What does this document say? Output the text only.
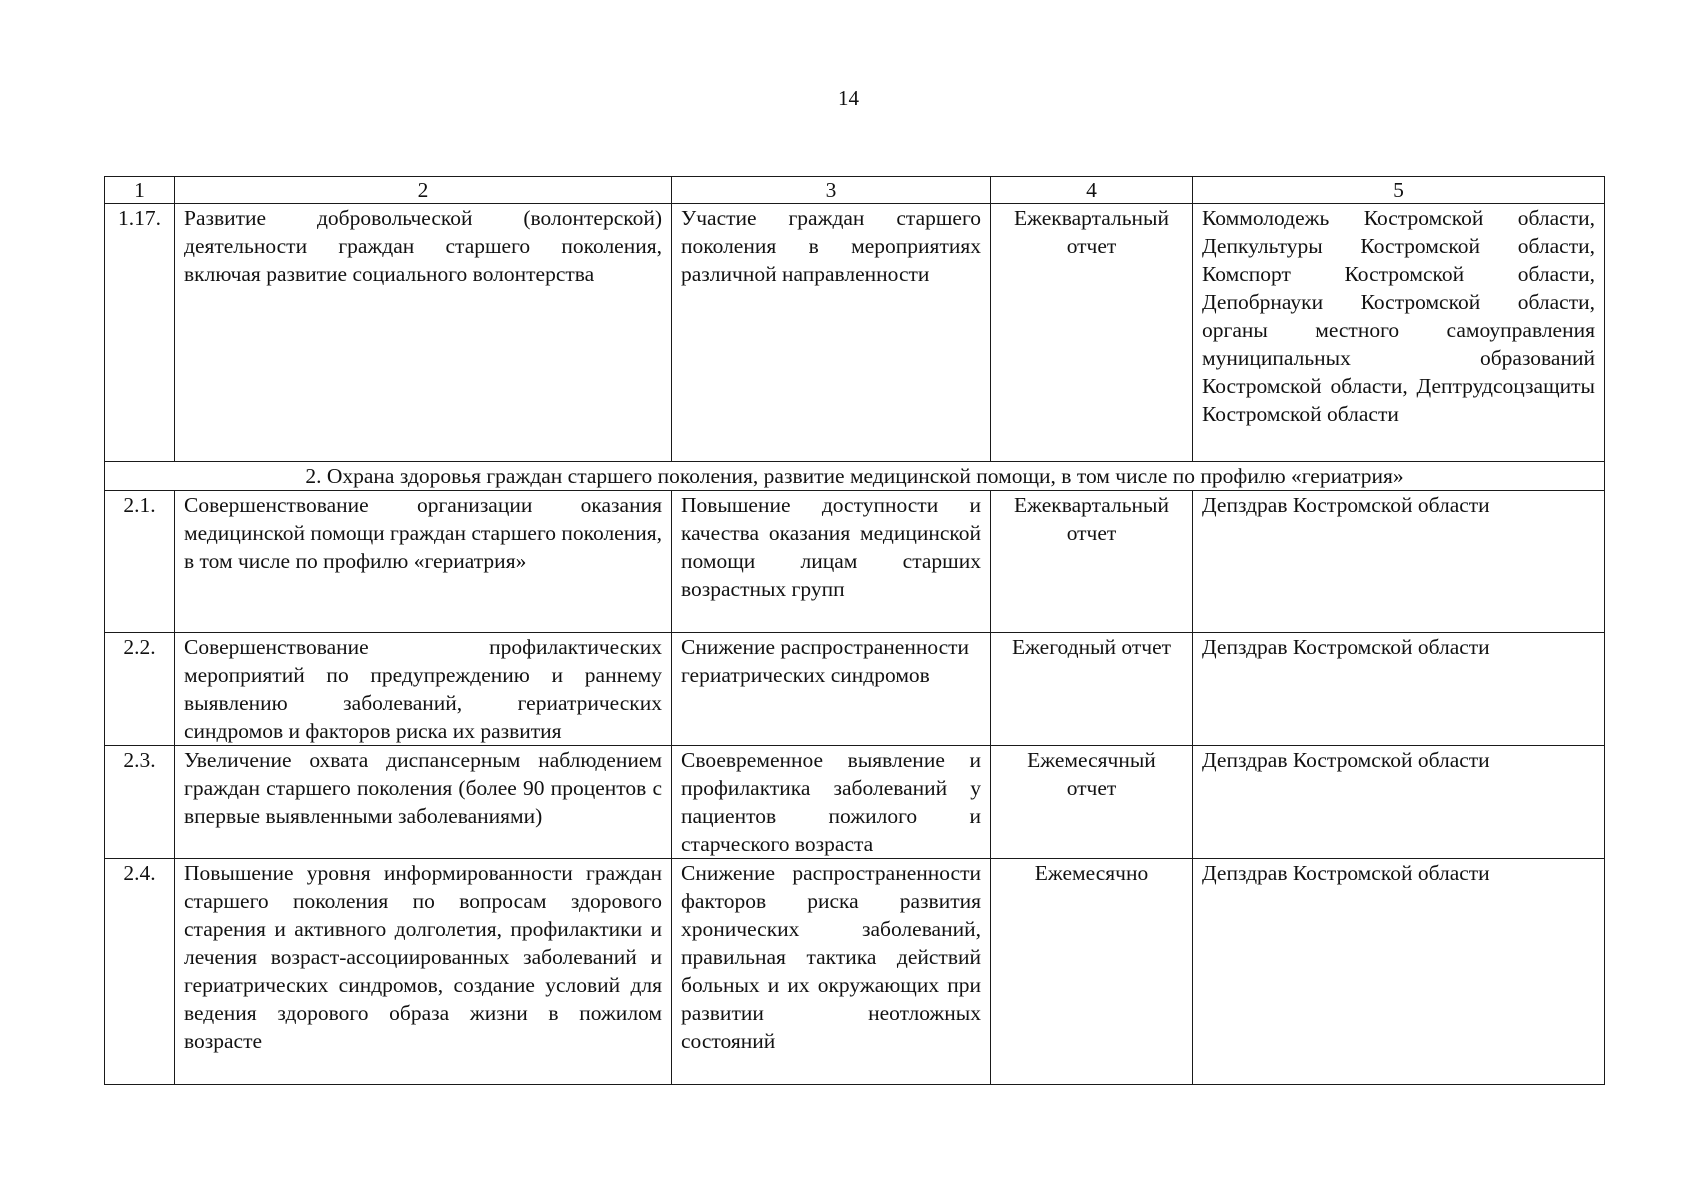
14
1	2	3	4	5
1.17.	Развитие добровольческой (волонтерской) деятельности граждан старшего поколения, включая развитие социального волонтерства	Участие граждан старшего поколения в мероприятиях различной направленности	Ежеквартальный отчет	Коммолодежь Костромской области, Депкультуры Костромской области, Комспорт Костромской области, Депобрнауки Костромской области, органы местного самоуправления муниципальных образований Костромской области, Дептрудсоцзащиты Костромской области
2. Охрана здоровья граждан старшего поколения, развитие медицинской помощи, в том числе по профилю «гериатрия»				
2.1.	Совершенствование организации оказания медицинской помощи граждан старшего поколения, в том числе по профилю «гериатрия»	Повышение доступности и качества оказания медицинской помощи лицам старших возрастных групп	Ежеквартальный отчет	Депздрав Костромской области
2.2.	Совершенствование профилактических мероприятий по предупреждению и раннему выявлению заболеваний, гериатрических синдромов и факторов риска их развития	Снижение распространенности гериатрических синдромов	Ежегодный отчет	Депздрав Костромской области
2.3.	Увеличение охвата диспансерным наблюдением граждан старшего поколения (более 90 процентов с впервые выявленными заболеваниями)	Своевременное выявление и профилактика заболеваний у пациентов пожилого и старческого возраста	Ежемесячный отчет	Депздрав Костромской области
2.4.	Повышение уровня информированности граждан старшего поколения по вопросам здорового старения и активного долголетия, профилактики и лечения возраст-ассоциированных заболеваний и гериатрических синдромов, создание условий для ведения здорового образа жизни в пожилом возрасте	Снижение распространенности факторов риска развития хронических заболеваний, правильная тактика действий больных и их окружающих при развитии неотложных состояний	Ежемесячно	Депздрав Костромской области
